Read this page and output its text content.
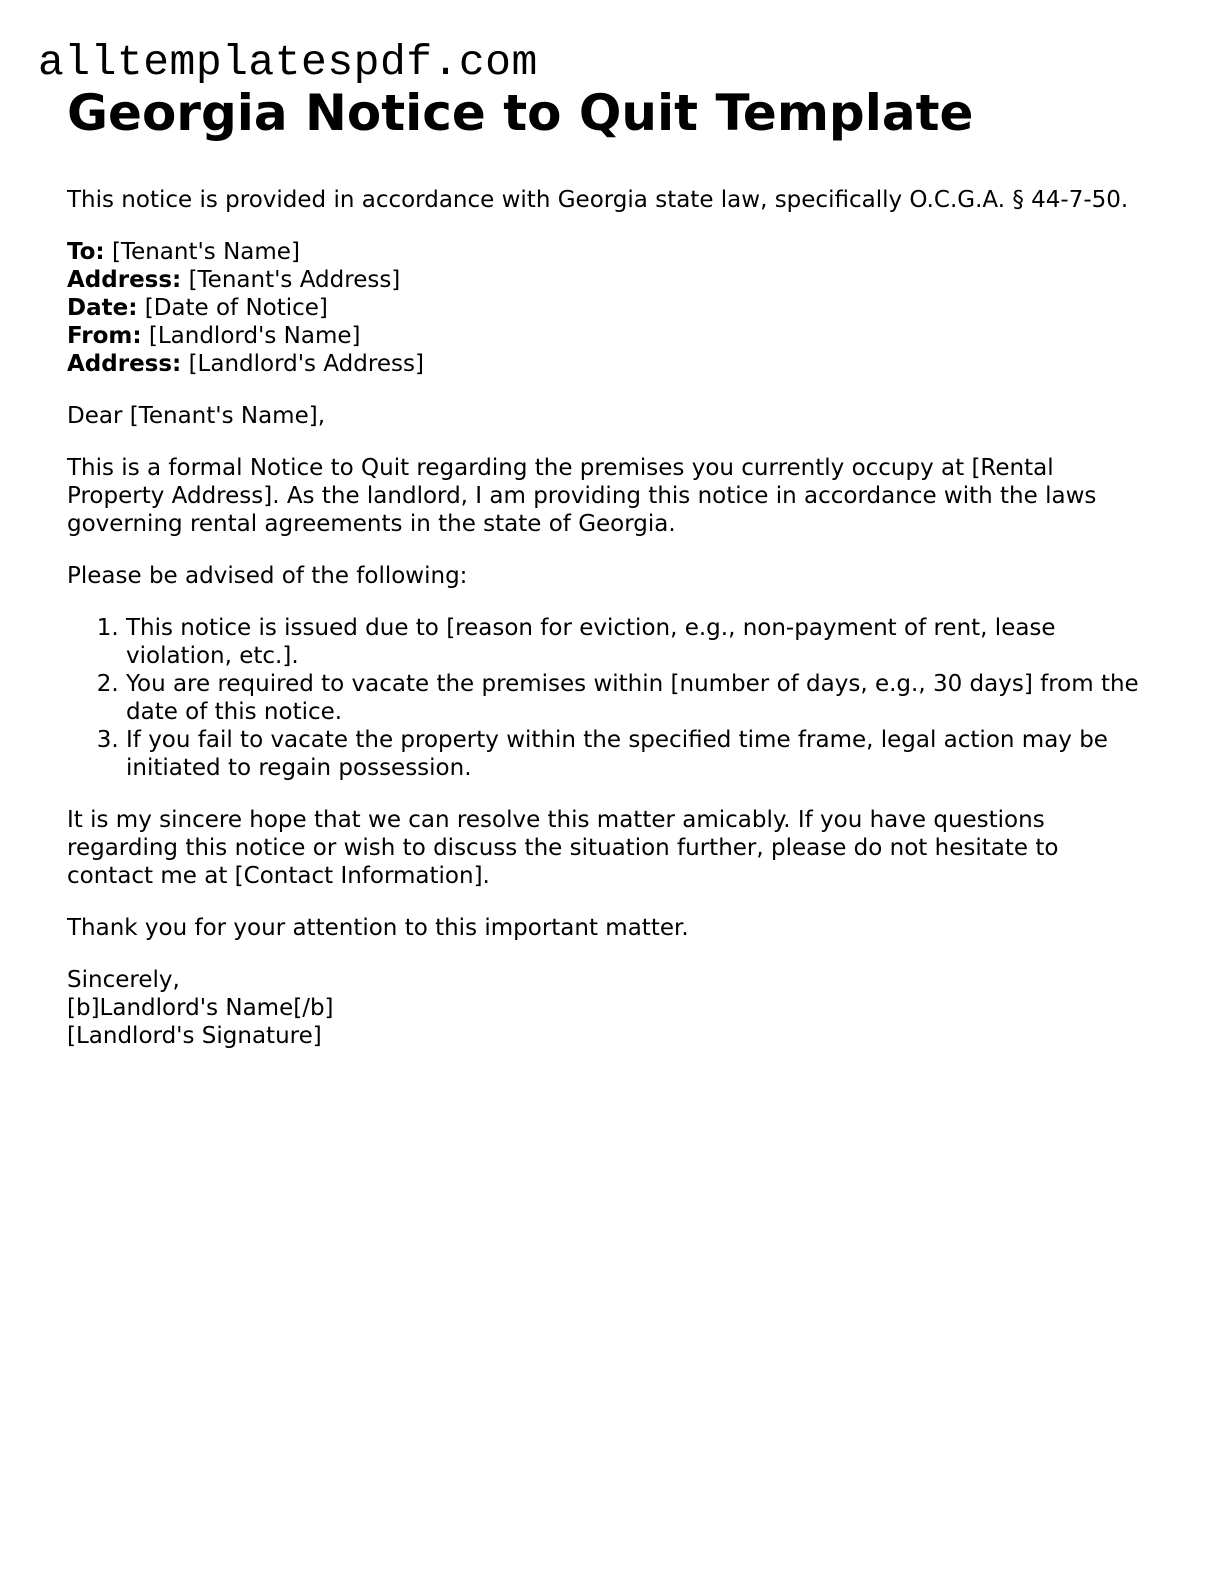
alltemplatespdf.com
Georgia Notice to Quit Template

This notice is provided in accordance with Georgia state law, specifically O.C.G.A. § 44-7-50.

To: [Tenant's Name]
Address: [Tenant's Address]
Date: [Date of Notice]
From: [Landlord's Name]
Address: [Landlord's Address]

Dear [Tenant's Name],

This is a formal Notice to Quit regarding the premises you currently occupy at [Rental Property Address]. As the landlord, I am providing this notice in accordance with the laws governing rental agreements in the state of Georgia.

Please be advised of the following:

1. This notice is issued due to [reason for eviction, e.g., non-payment of rent, lease violation, etc.].
2. You are required to vacate the premises within [number of days, e.g., 30 days] from the date of this notice.
3. If you fail to vacate the property within the specified time frame, legal action may be initiated to regain possession.

It is my sincere hope that we can resolve this matter amicably. If you have questions regarding this notice or wish to discuss the situation further, please do not hesitate to contact me at [Contact Information].

Thank you for your attention to this important matter.

Sincerely,
[b]Landlord's Name[/b]
[Landlord's Signature]
